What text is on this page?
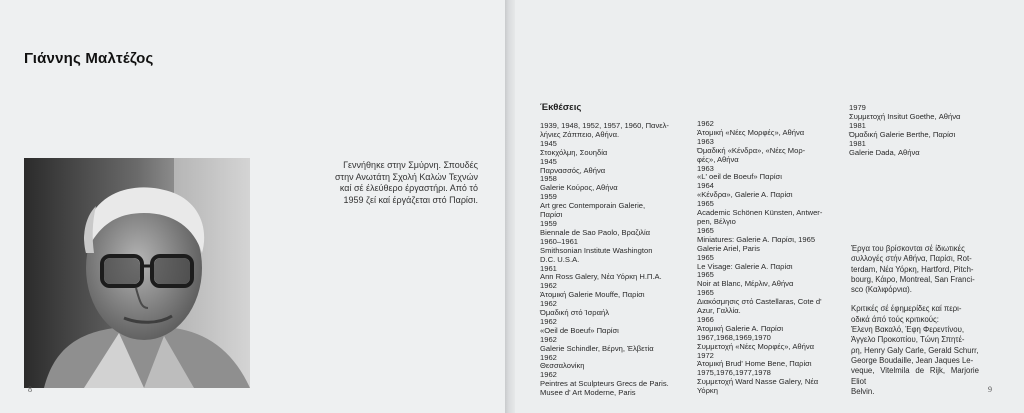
Γιάννης Μαλτέζος

Γεννήθηκε στην Σμύρνη. Σπουδές

στην Ανωτάτη Σχολή Καλών Τεχνών

καί σέ έλεύθερο έργαστήρι. Από τό

1959 ζεί καί έργάζεται στό Παρίσι.

8
Έκθέσεις
1939, 1948, 1952, 1957, 1960, Πανελ-
λήνιες Ζάππειο, Αθήνα.
1945
Στοκχόλμη, Σουηδία
1945
Παρνασσός, Αθήνα
1958
Galerie Κούρος, Αθήνα
1959
Art grec Contemporain Galerie,
Παρίσι
1959
Biennale de Sao Paolo, Βραζιλία
1960–1961
Smithsonian Institute Washington
D.C. U.S.A.
1961
Ann Ross Galery, Νέα Υόρκη Η.Π.Α.
1962
Άτομική Galerie Mouffe, Παρίσι
1962
Όμαδική στό Ίσραήλ
1962
«Oeil de Boeuf» Παρίσι
1962
Galerie Schindler, Βέρνη, Έλβετία
1962
Θεσσαλονίκη
1962
Peintres at Sculpteurs Grecs de Paris.
Musee d' Art Moderne, Paris
1962
Άτομική «Νέες Μορφές», Αθήνα
1963
Όμαδική «Κένδρα», «Νέες Μορ-
φές», Αθήνα
1963
«L' oeil de Boeuf» Παρίσι
1964
«Κένδρα», Galerie A. Παρίσι
1965
Academic Schönen Künsten, Antwer-
pen, Βέλγιο
1965
Miniatures: Galerie A. Παρίσι, 1965
Galerie Ariel, Paris
1965
Le Visage: Galerie A. Παρίσι
1965
Noir at Blanc, Μέρλιν, Αθήνα
1965
Διακόσμησις στό Castellaras, Cote d'
Azur, Γαλλία.
1966
Άτομική Galerie A. Παρίσι
1967,1968,1969,1970
Συμμετοχή «Νέες Μορφές», Αθήνα
1972
Άτομική Brud' Home Bene, Παρίσι
1975,1976,1977,1978
Συμμετοχή Ward Nasse Galery, Νέα
Υόρκη
1979
Συμμετοχή Insitut Goethe, Αθήνα
1981
Όμαδική Galerie Berthe, Παρίσι
1981
Galerie Dada, Αθήνα
Έργα του βρίσκονται σέ ίδιωτικές
συλλογές στήν Αθήνα, Παρίσι, Rot-
terdam, Νέα Υόρκη, Hartford, Pitch-
bourg, Κάιρο, Montreal, San Franci-
sco (Καλιφόρνια).
Κριτικές σέ έφημερίδες καί περι-
οδικά άπό τούς κριτικούς:
Έλενη Βακαλό, Έφη Φερεντίνου,
Άγγελο Προκοπίου, Τώνη Σπητέ-
ρη, Henry Galy Carle, Gerald Schurr,
George Boudaille, Jean Jaques Le-
veque, Vitelmila de Rijk, Marjorie Eliot
Belvin.	9
